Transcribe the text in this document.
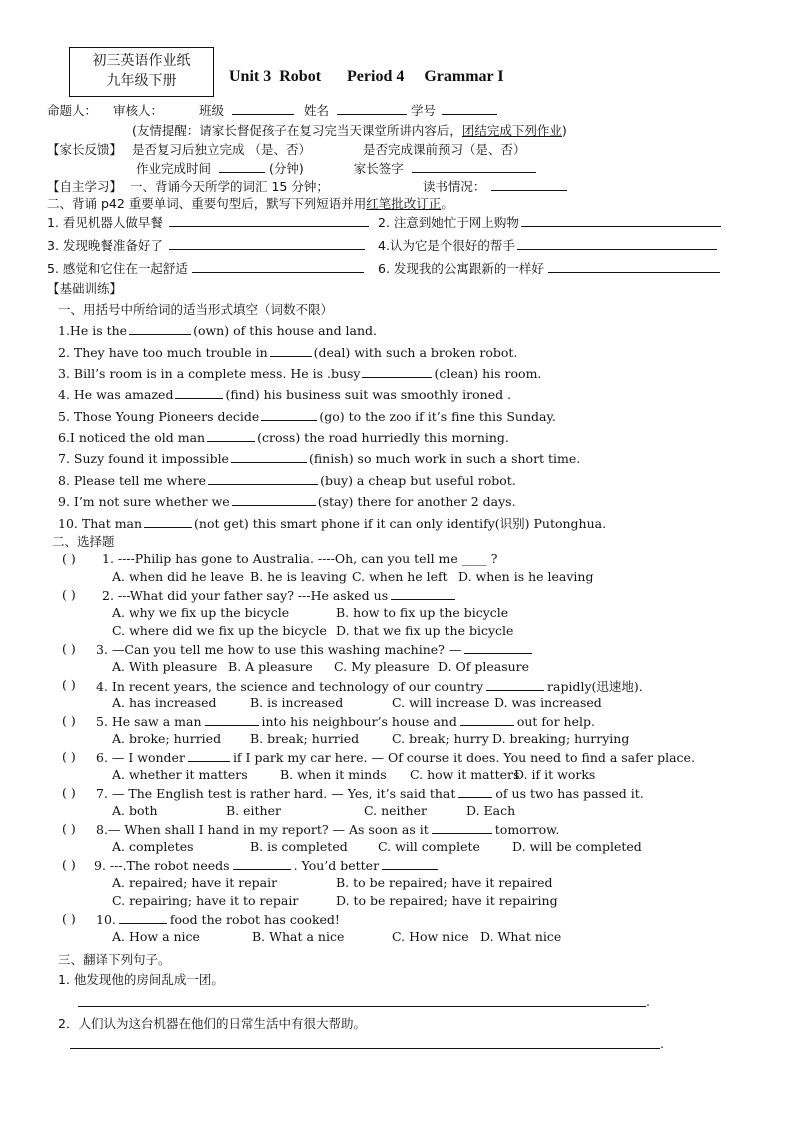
初三英语作业纸
九年级下册	Unit 3 Robot Period 4 Grammar I
命题人： 审核人：	班级	姓名	学号
(友情提醒：请家长督促孩子在复习完当天课堂所讲内容后，团结完成下列作业)
【家长反馈】 是否复习后独立完成 （是、否）	是否完成课前预习（是、否）
作业完成时间	(分钟)	家长签字
【自主学习】 一、背诵今天所学的词汇 15 分钟；	读书情况：
二、背诵 p42 重要单词、重要句型后，默写下列短语并用红笔批改订正。
1. 看见机器人做早餐	2. 注意到她忙于网上购物
3. 发现晚餐准备好了	4.认为它是个很好的帮手
5. 感觉和它住在一起舒适	6. 发现我的公寓跟新的一样好
【基础训练】
一、用括号中所给词的适当形式填空（词数不限）
1.He is the	(own) of this house and land.
2. They have too much trouble in	(deal) with such a broken robot.
3. Bill’s room is in a complete mess. He is .busy	(clean) his room.
4. He was amazed	(find) his business suit was smoothly ironed .
5. Those Young Pioneers decide	(go) to the zoo if it’s fine this Sunday.
6.I noticed the old man	(cross) the road hurriedly this morning.
7. Suzy found it impossible	(finish) so much work in such a short time.
8. Please tell me where	(buy) a cheap but useful robot.
9. I’m not sure whether we	(stay) there for another 2 days.
10. That man	(not get) this smart phone if it can only identify(识别) Putonghua.
二、选择题
( ) 1. ----Philip has gone to Australia. ----Oh, can you tell me ____ ?
A. when did he leave B. he is leaving C. when he left D. when is he leaving
( ) 2. ---What did your father say? ---He asked us
A. why we fix up the bicycle	B. how to fix up the bicycle
C. where did we fix up the bicycle D. that we fix up the bicycle
( ) 3. —Can you tell me how to use this washing machine? —
A. With pleasure B. A pleasure C. My pleasure D. Of pleasure
( ) 4. In recent years, the science and technology of our country	rapidly(迅速地).
A. has increased	B. is increased	C. will increase D. was increased
( ) 5. He saw a man	into his neighbour’s house and	out for help.
A. broke; hurried B. break; hurried	C. break; hurry D. breaking; hurrying
( ) 6. — I wonder	if I park my car here. — Of course it does. You need to find a safer place.
A. whether it matters	B. when it minds C. how it matters
D. if it works
( ) 7. — The English test is rather hard. — Yes, it’s said that	of us two has passed it.
A. both	B. either	C. neither	D. Each
( ) 8.— When shall I hand in my report? — As soon as it	tomorrow.
A. completes	B. is completed C. will complete	D. will be completed
( ) 9. ---.The robot needs	. You’d better
A. repaired; have it repair	B. to be repaired; have it repaired
C. repairing; have it to repair	D. to be repaired; have it repairing
( ) 10.	food the robot has cooked!
A. How a nice	B. What a nice	C. How nice D. What nice
三、翻译下列句子。
1. 他发现他的房间乱成一团。
.
2．人们认为这台机器在他们的日常生活中有很大帮助。
.
